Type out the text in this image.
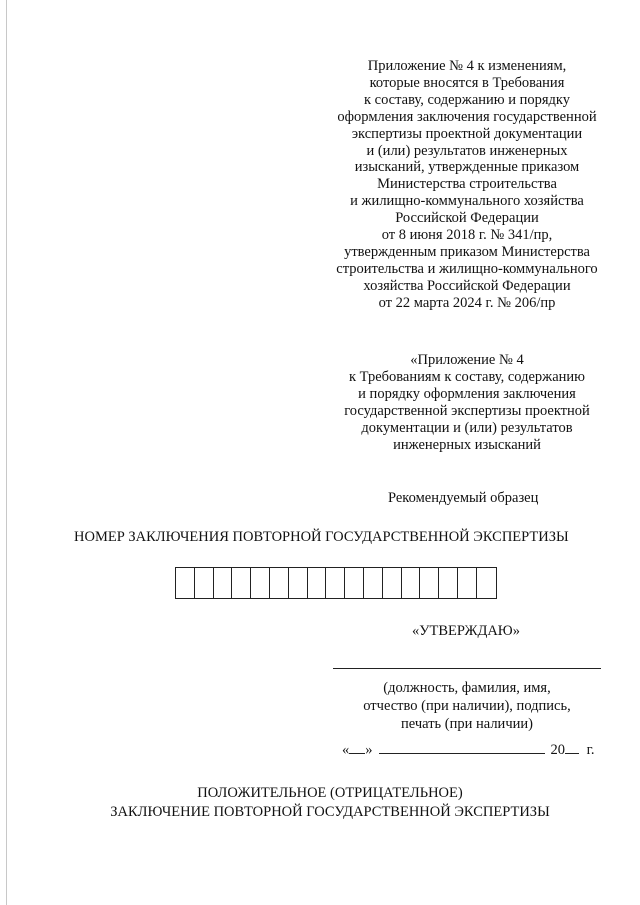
Приложение № 4 к изменениям,
которые вносятся в Требования
к составу, содержанию и порядку
оформления заключения государственной
экспертизы проектной документации
и (или) результатов инженерных
изысканий, утвержденные приказом
Министерства строительства
и жилищно-коммунального хозяйства
Российской Федерации
от 8 июня 2018 г. № 341/пр,
утвержденным приказом Министерства
строительства и жилищно-коммунального
хозяйства Российской Федерации
от 22 марта 2024 г. № 206/пр
«Приложение № 4
к Требованиям к составу, содержанию
и порядку оформления заключения
государственной экспертизы проектной
документации и (или) результатов
инженерных изысканий
Рекомендуемый образец
НОМЕР ЗАКЛЮЧЕНИЯ ПОВТОРНОЙ ГОСУДАРСТВЕННОЙ ЭКСПЕРТИЗЫ
«УТВЕРЖДАЮ»
(должность, фамилия, имя,
отчество (при наличии), подпись,
печать (при наличии)
« »	20 г.
ПОЛОЖИТЕЛЬНОЕ (ОТРИЦАТЕЛЬНОЕ)
ЗАКЛЮЧЕНИЕ ПОВТОРНОЙ ГОСУДАРСТВЕННОЙ ЭКСПЕРТИЗЫ
